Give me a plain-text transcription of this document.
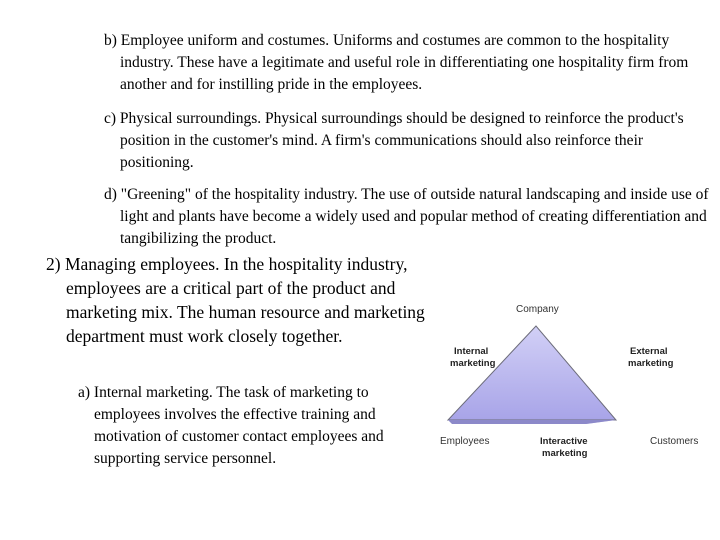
b) Employee uniform and costumes. Uniforms and costumes are common to the hospitality industry. These have a legitimate and useful role in differentiating one hospitality firm from another and for instilling pride in the employees.

c) Physical surroundings. Physical surroundings should be designed to reinforce the product's position in the customer's mind. A firm's communications should also reinforce their positioning.

d) "Greening" of the hospitality industry. The use of outside natural landscaping and inside use of light and plants have become a widely used and popular method of creating differentiation and tangibilizing the product.

2) Managing employees. In the hospitality industry, employees are a critical part of the product and marketing mix. The human resource and marketing department must work closely together.

a) Internal marketing. The task of marketing to employees involves the effective training and motivation of customer contact employees and supporting service personnel.

Company
Internal
marketing
External
marketing
Employees	Interactive
marketing
Customers
